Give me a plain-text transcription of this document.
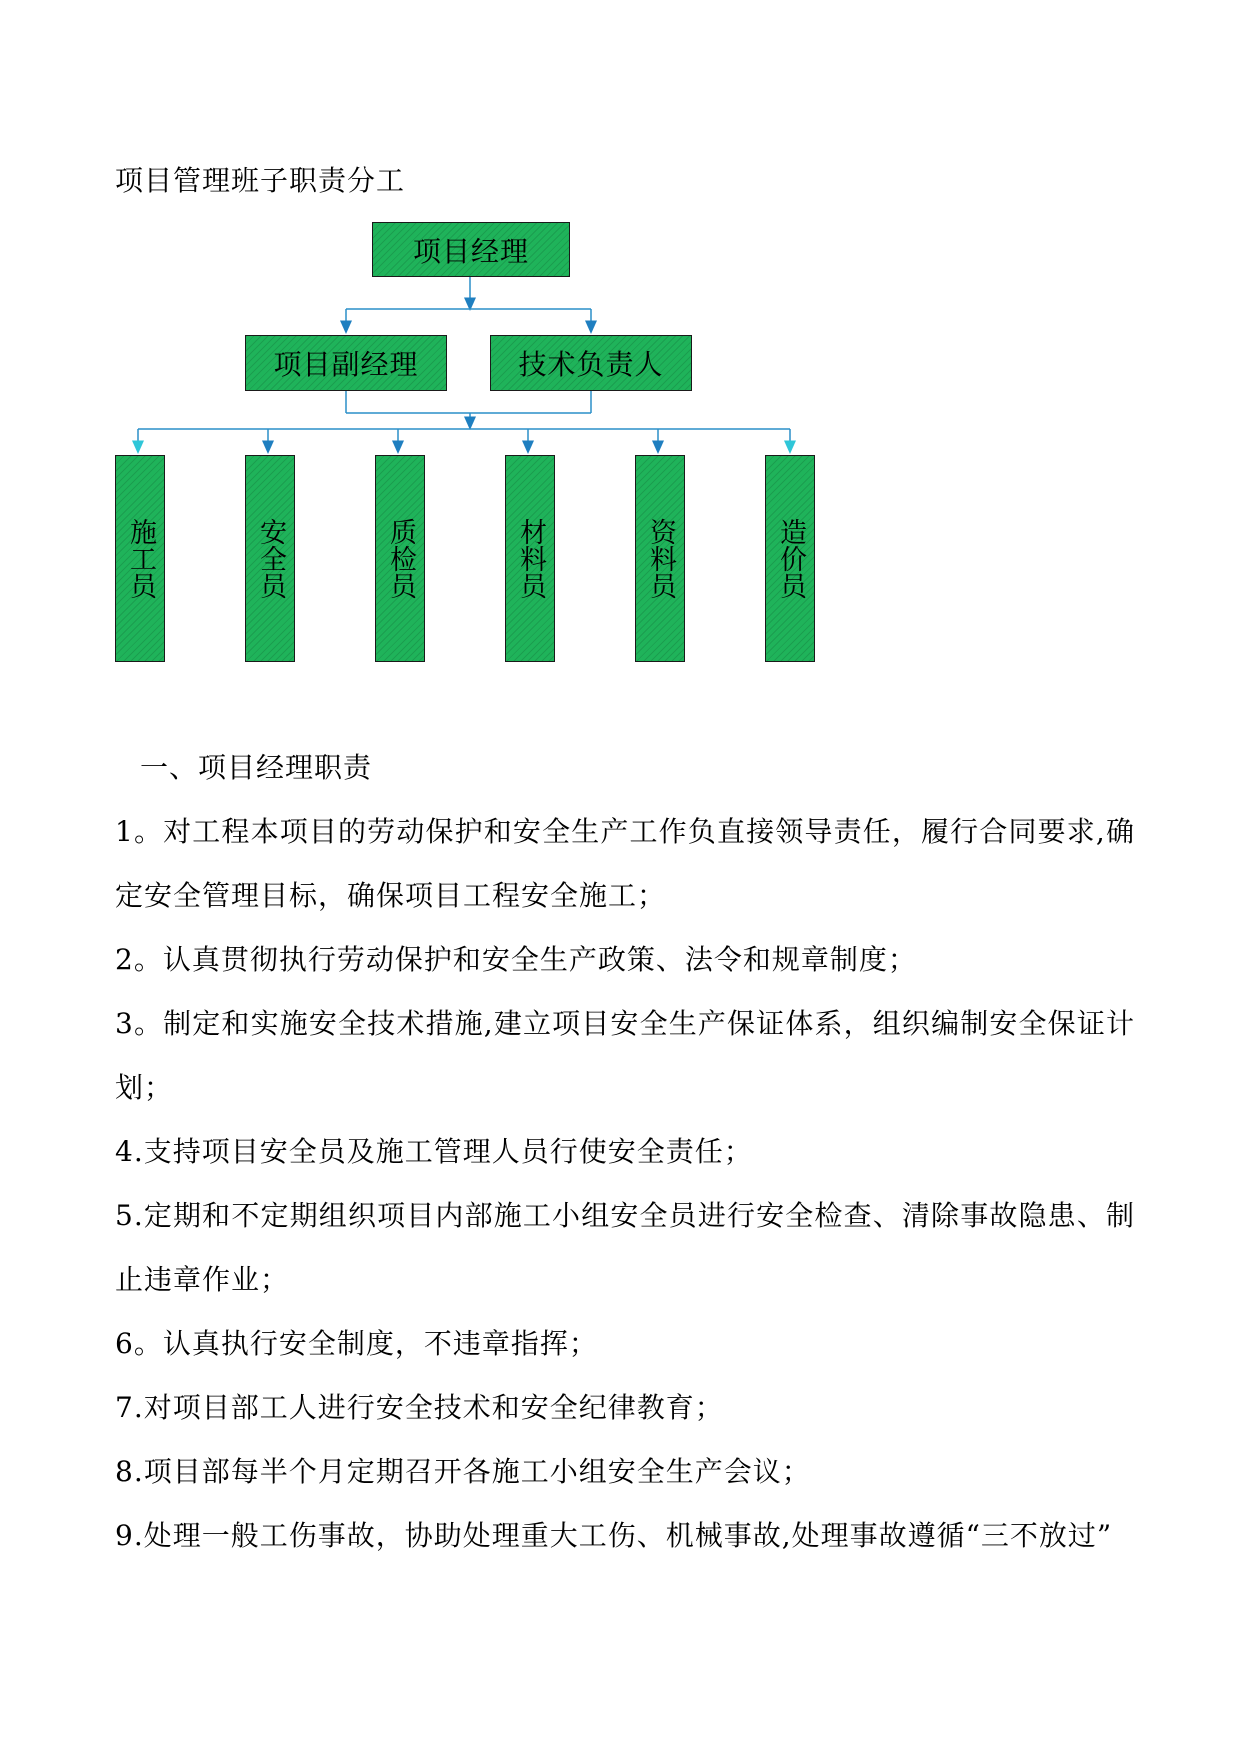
项目管理班子职责分工
项目经理
项目副经理	技术负责人
施工员	安全员	质检员	材料员	资料员	造价员
一、项目经理职责

1。对工程本项目的劳动保护和安全生产工作负直接领导责任，履行合同要求,确定安全管理目标，确保项目工程安全施工；

2。认真贯彻执行劳动保护和安全生产政策、法令和规章制度；

3。制定和实施安全技术措施,建立项目安全生产保证体系，组织编制安全保证计划；

4.支持项目安全员及施工管理人员行使安全责任；

5.定期和不定期组织项目内部施工小组安全员进行安全检查、清除事故隐患、制止违章作业；

6。认真执行安全制度，不违章指挥；

7.对项目部工人进行安全技术和安全纪律教育；

8.项目部每半个月定期召开各施工小组安全生产会议；

9.处理一般工伤事故，协助处理重大工伤、机械事故,处理事故遵循“三不放过”
